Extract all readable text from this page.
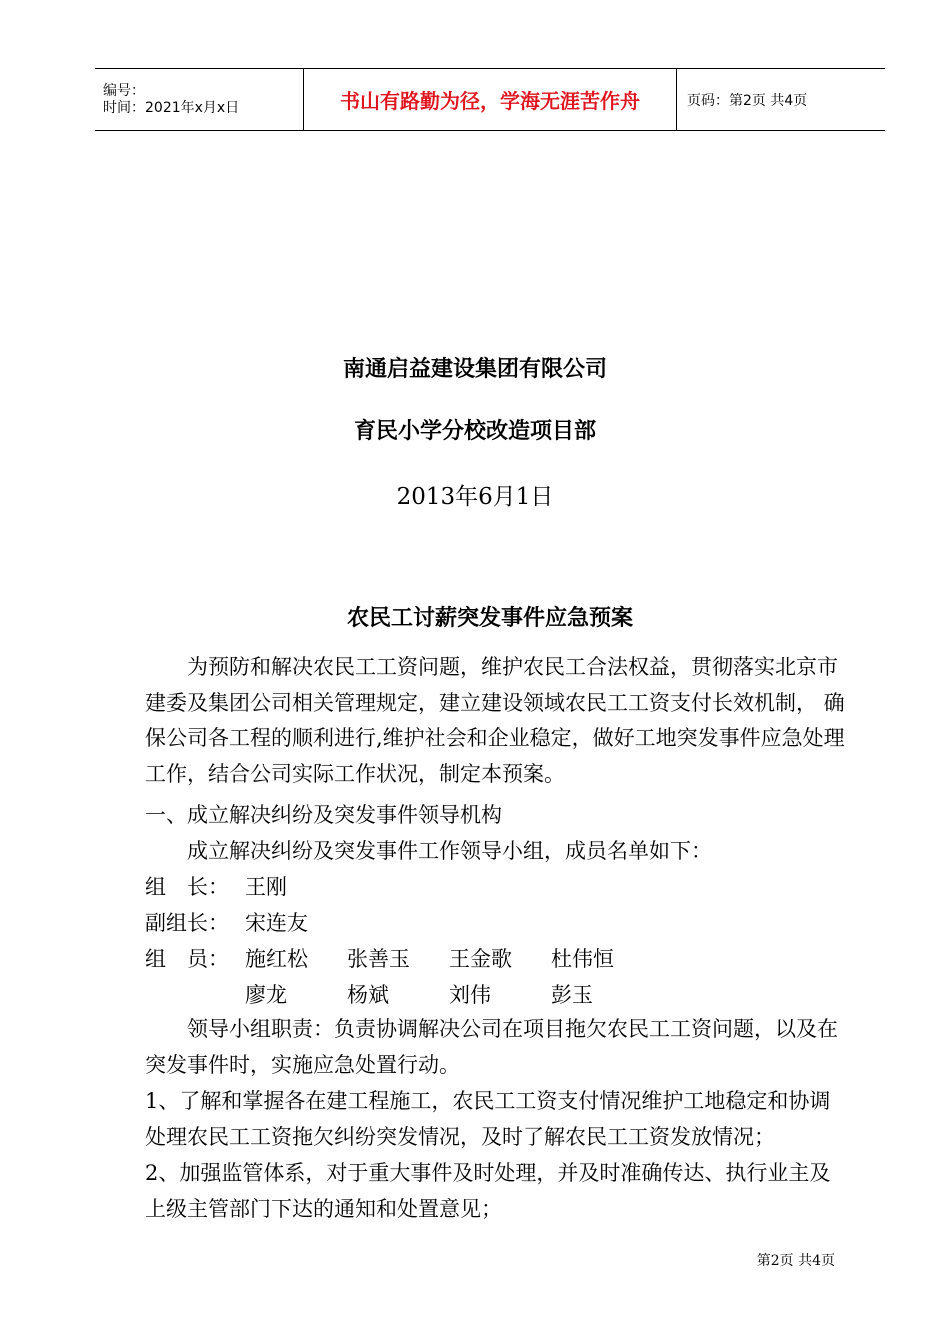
编号：
时间：2021年x月x日	书山有路勤为径，学海无涯苦作舟	页码：第2页 共4页
南通启益建设集团有限公司
育民小学分校改造项目部
2013年6月1日
农民工讨薪突发事件应急预案
为预防和解决农民工工资问题，维护农民工合法权益，贯彻落实北京市建委及集团公司相关管理规定，建立建设领域农民工工资支付长效机制， 确保公司各工程的顺利进行,维护社会和企业稳定，做好工地突发事件应急处理工作，结合公司实际工作状况，制定本预案。
一、成立解决纠纷及突发事件领导机构
成立解决纠纷及突发事件工作领导小组，成员名单如下：
组　长： 王刚
副组长： 宋连友
组　员： 施红松 张善玉 王金歌 杜伟恒
廖龙	杨斌	刘伟	彭玉
领导小组职责：负责协调解决公司在项目拖欠农民工工资问题，以及在突发事件时，实施应急处置行动。
1、了解和掌握各在建工程施工，农民工工资支付情况维护工地稳定和协调处理农民工工资拖欠纠纷突发情况，及时了解农民工工资发放情况；
2、加强监管体系，对于重大事件及时处理，并及时准确传达、执行业主及上级主管部门下达的通知和处置意见；
第2页 共4页
